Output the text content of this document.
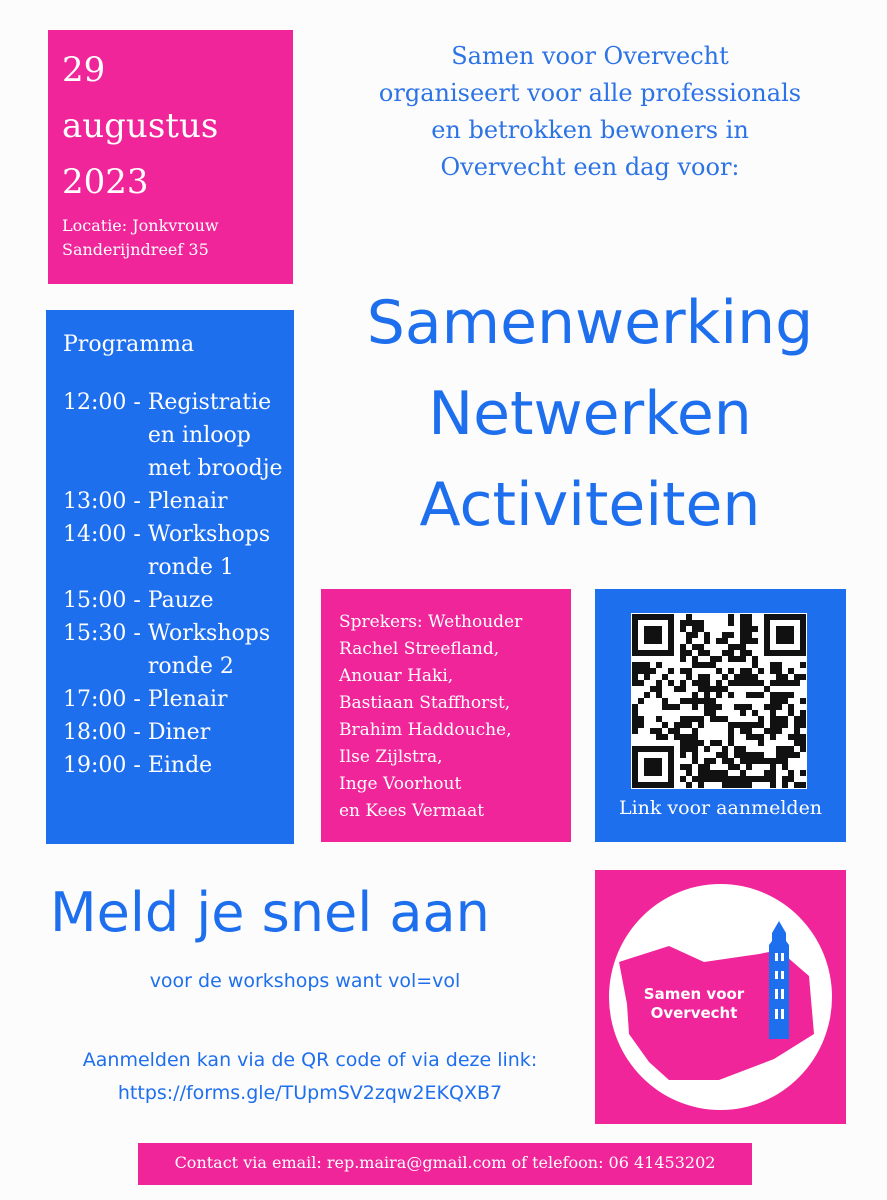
29
augustus
2023
Locatie: Jonkvrouw
Sanderijndreef 35
Samen voor Overvecht
organiseert voor alle professionals
en betrokken bewoners in
Overvecht een dag voor:
Samenwerking
Netwerken
Activiteiten
Programma
12:00 - Registratie
en inloop
met broodje
13:00 - Plenair
14:00 - Workshops
ronde 1
15:00 - Pauze
15:30 - Workshops
ronde 2
17:00 - Plenair
18:00 - Diner
19:00 - Einde
Sprekers: Wethouder
Rachel Streefland,
Anouar Haki,
Bastiaan Staffhorst,
Brahim Haddouche,
Ilse Zijlstra,
Inge Voorhout
en Kees Vermaat	Link voor aanmelden
Meld je snel aan
voor de workshops want vol=vol
Aanmelden kan via de QR code of via deze link:
https://forms.gle/TUpmSV2zqw2EKQXB7
Samen voor
Overvecht
Contact via email: rep.maira@gmail.com of telefoon: 06 41453202
